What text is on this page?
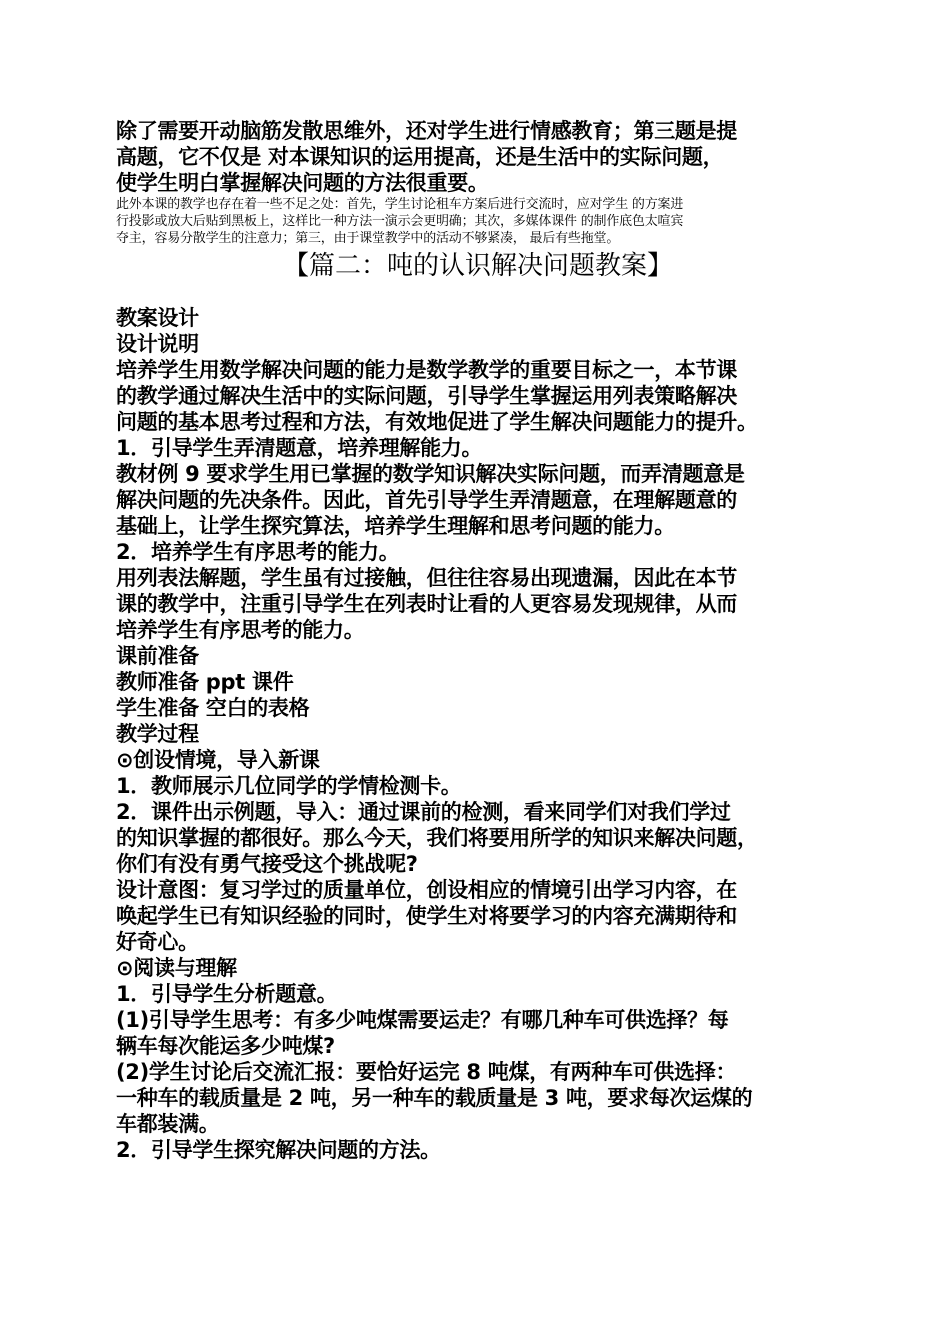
除了需要开动脑筋发散思维外，还对学生进行情感教育；第三题是提

高题，它不仅是 对本课知识的运用提高，还是生活中的实际问题，

使学生明白掌握解决问题的方法很重要。

此外本课的教学也存在着一些不足之处：首先，学生讨论租车方案后进行交流时，应对学生 的方案进

行投影或放大后贴到黑板上，这样比一种方法一演示会更明确；其次，多媒体课件 的制作底色太喧宾

夺主，容易分散学生的注意力；第三，由于课堂教学中的活动不够紧凑， 最后有些拖堂。

【篇二：吨的认识解决问题教案】

教案设计

设计说明

培养学生用数学解决问题的能力是数学教学的重要目标之一，本节课

的教学通过解决生活中的实际问题，引导学生掌握运用列表策略解决

问题的基本思考过程和方法，有效地促进了学生解决问题能力的提升。

1．引导学生弄清题意，培养理解能力。

教材例 9 要求学生用已掌握的数学知识解决实际问题，而弄清题意是

解决问题的先决条件。因此，首先引导学生弄清题意，在理解题意的

基础上，让学生探究算法，培养学生理解和思考问题的能力。

2．培养学生有序思考的能力。

用列表法解题，学生虽有过接触，但往往容易出现遗漏，因此在本节

课的教学中，注重引导学生在列表时让看的人更容易发现规律，从而

培养学生有序思考的能力。

课前准备

教师准备 ppt 课件

学生准备 空白的表格

教学过程

⊙创设情境，导入新课

1．教师展示几位同学的学情检测卡。

2．课件出示例题，导入：通过课前的检测，看来同学们对我们学过

的知识掌握的都很好。那么今天，我们将要用所学的知识来解决问题，

你们有没有勇气接受这个挑战呢?

设计意图：复习学过的质量单位，创设相应的情境引出学习内容，在

唤起学生已有知识经验的同时，使学生对将要学习的内容充满期待和

好奇心。

⊙阅读与理解

1．引导学生分析题意。

(1)引导学生思考：有多少吨煤需要运走？有哪几种车可供选择？每

辆车每次能运多少吨煤?

(2)学生讨论后交流汇报：要恰好运完 8 吨煤，有两种车可供选择：

一种车的载质量是 2 吨，另一种车的载质量是 3 吨，要求每次运煤的

车都装满。

2．引导学生探究解决问题的方法。
